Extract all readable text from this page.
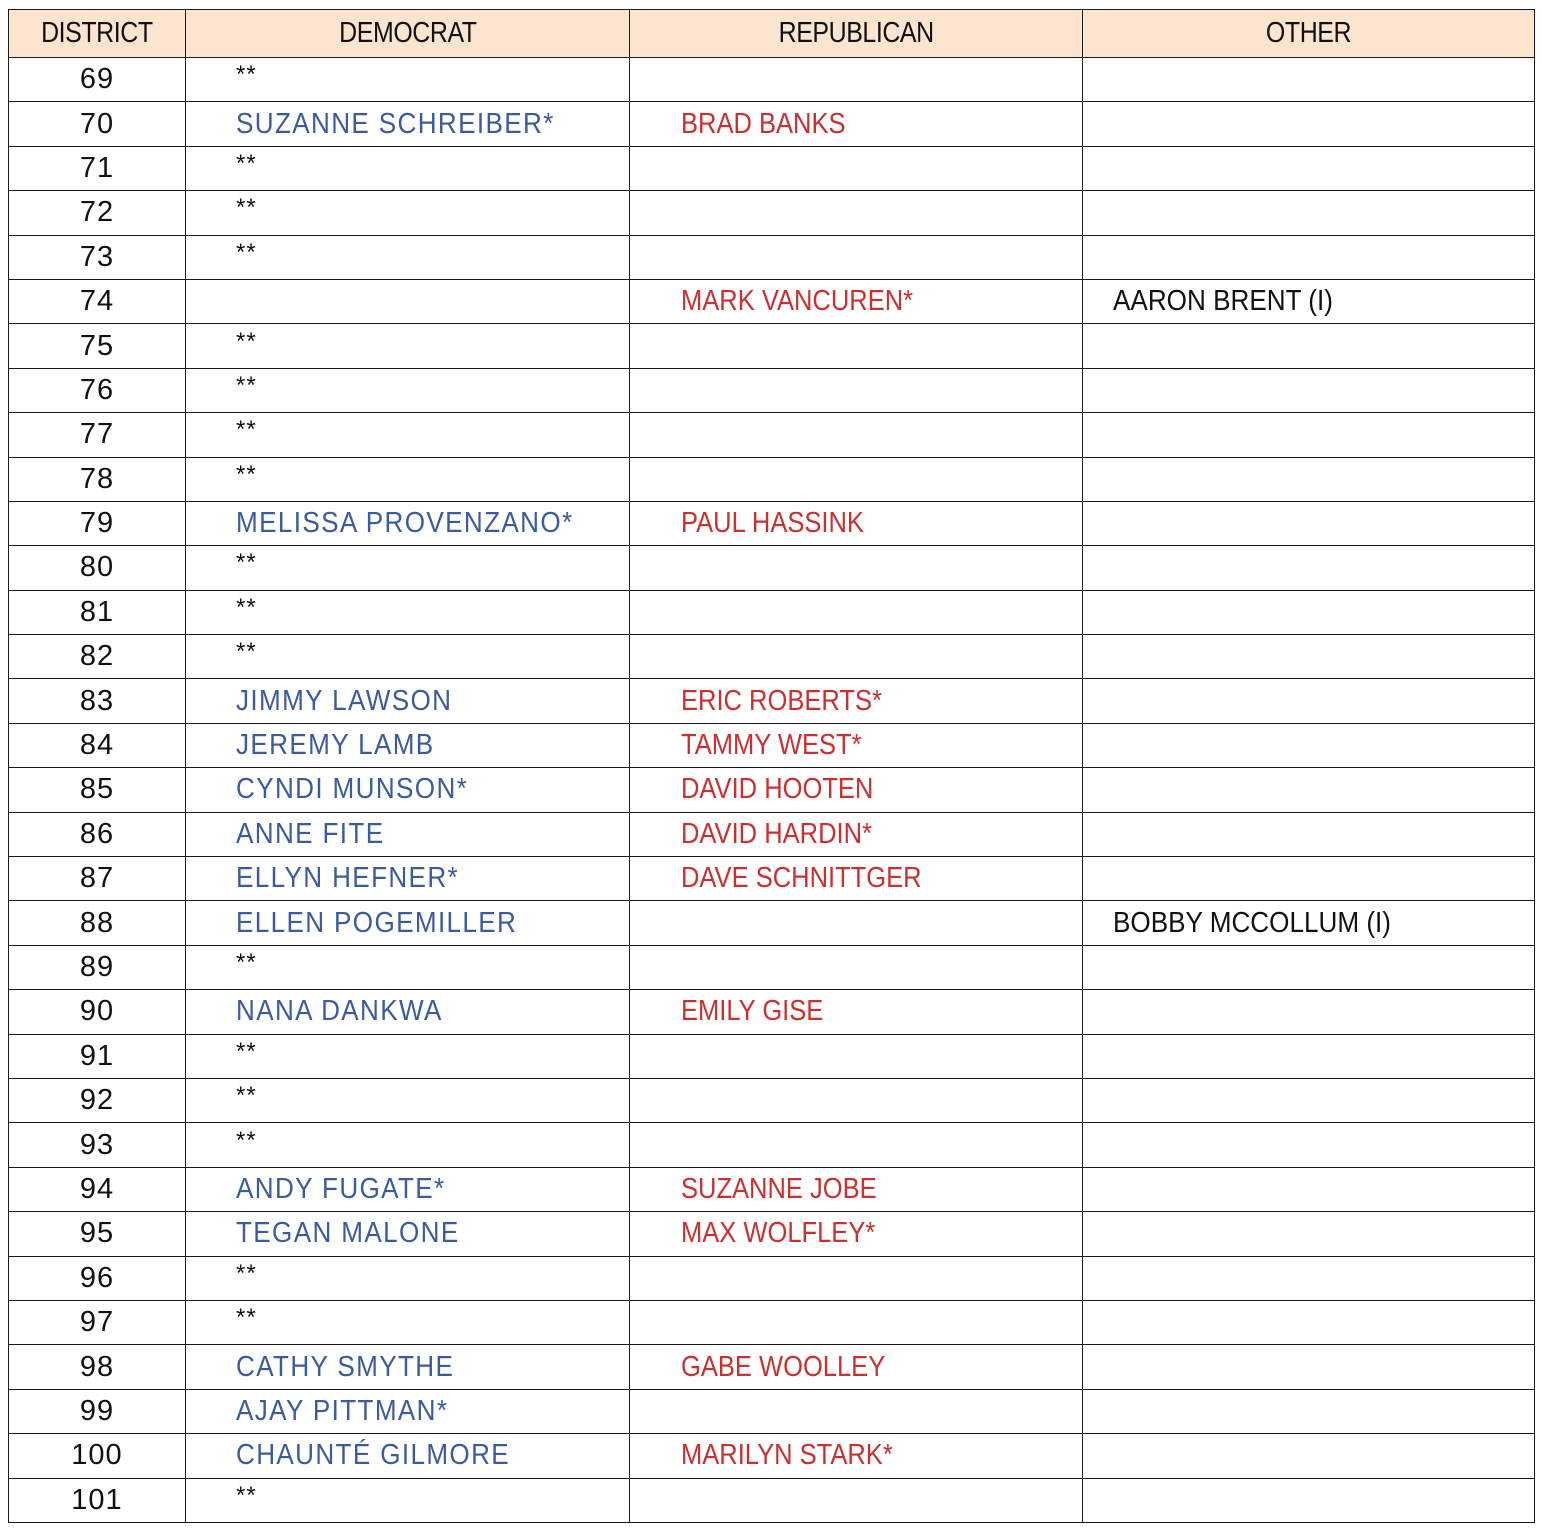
DISTRICT	DEMOCRAT	REPUBLICAN	OTHER
69	**		
70	SUZANNE SCHREIBER*	BRAD BANKS	
71	**		
72	**		
73	**		
74		MARK VANCUREN*	AARON BRENT (I)
75	**		
76	**		
77	**		
78	**		
79	MELISSA PROVENZANO*	PAUL HASSINK	
80	**		
81	**		
82	**		
83	JIMMY LAWSON	ERIC ROBERTS*	
84	JEREMY LAMB	TAMMY WEST*	
85	CYNDI MUNSON*	DAVID HOOTEN	
86	ANNE FITE	DAVID HARDIN*	
87	ELLYN HEFNER*	DAVE SCHNITTGER	
88	ELLEN POGEMILLER		BOBBY MCCOLLUM (I)
89	**		
90	NANA DANKWA	EMILY GISE	
91	**		
92	**		
93	**		
94	ANDY FUGATE*	SUZANNE JOBE	
95	TEGAN MALONE	MAX WOLFLEY*	
96	**		
97	**		
98	CATHY SMYTHE	GABE WOOLLEY	
99	AJAY PITTMAN*		
100	CHAUNTÉ GILMORE	MARILYN STARK*	
101	**		
